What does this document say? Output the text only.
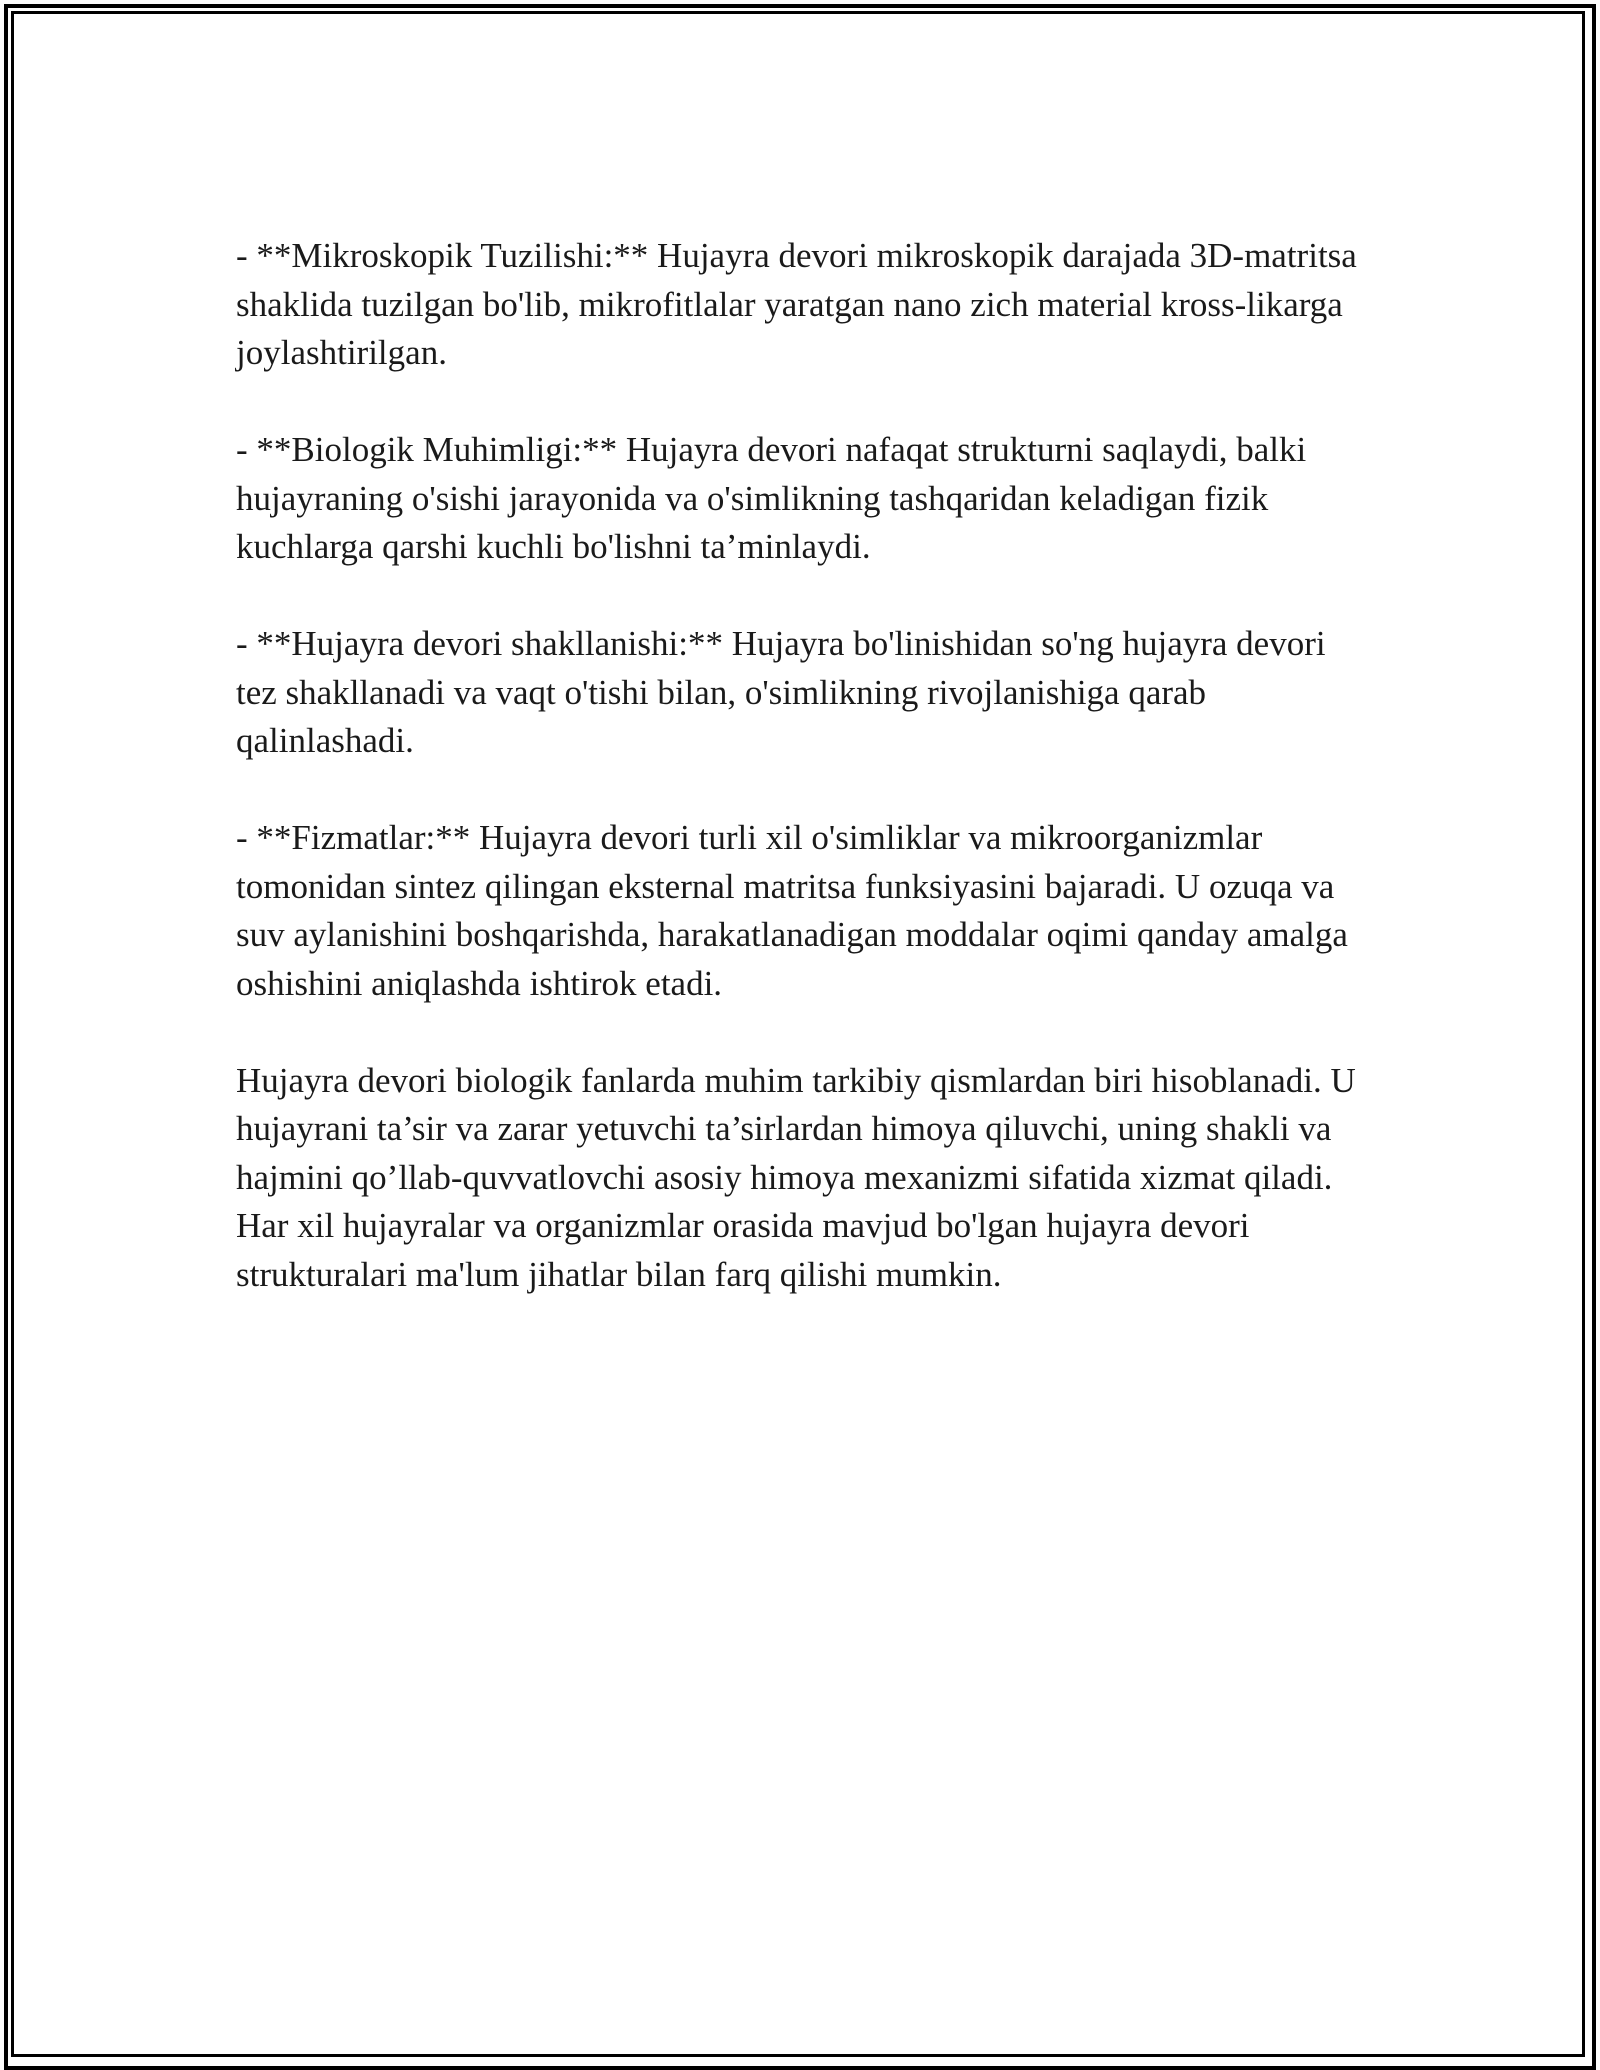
- **Mikroskopik Tuzilishi:** Hujayra devori mikroskopik darajada 3D-matritsa shaklida tuzilgan bo'lib, mikrofitlalar yaratgan nano zich material kross-likarga joylashtirilgan.

- **Biologik Muhimligi:** Hujayra devori nafaqat strukturni saqlaydi, balki hujayraning o'sishi jarayonida va o'simlikning tashqaridan keladigan fizik kuchlarga qarshi kuchli bo'lishni ta’minlaydi.

- **Hujayra devori shakllanishi:** Hujayra bo'linishidan so'ng hujayra devori tez shakllanadi va vaqt o'tishi bilan, o'simlikning rivojlanishiga qarab qalinlashadi.

- **Fizmatlar:** Hujayra devori turli xil o'simliklar va mikroorganizmlar tomonidan sintez qilingan eksternal matritsa funksiyasini bajaradi. U ozuqa va suv aylanishini boshqarishda, harakatlanadigan moddalar oqimi qanday amalga oshishini aniqlashda ishtirok etadi.

Hujayra devori biologik fanlarda muhim tarkibiy qismlardan biri hisoblanadi. U hujayrani ta’sir va zarar yetuvchi ta’sirlardan himoya qiluvchi, uning shakli va hajmini qo’llab-quvvatlovchi asosiy himoya mexanizmi sifatida xizmat qiladi. Har xil hujayralar va organizmlar orasida mavjud bo'lgan hujayra devori strukturalari ma'lum jihatlar bilan farq qilishi mumkin.
